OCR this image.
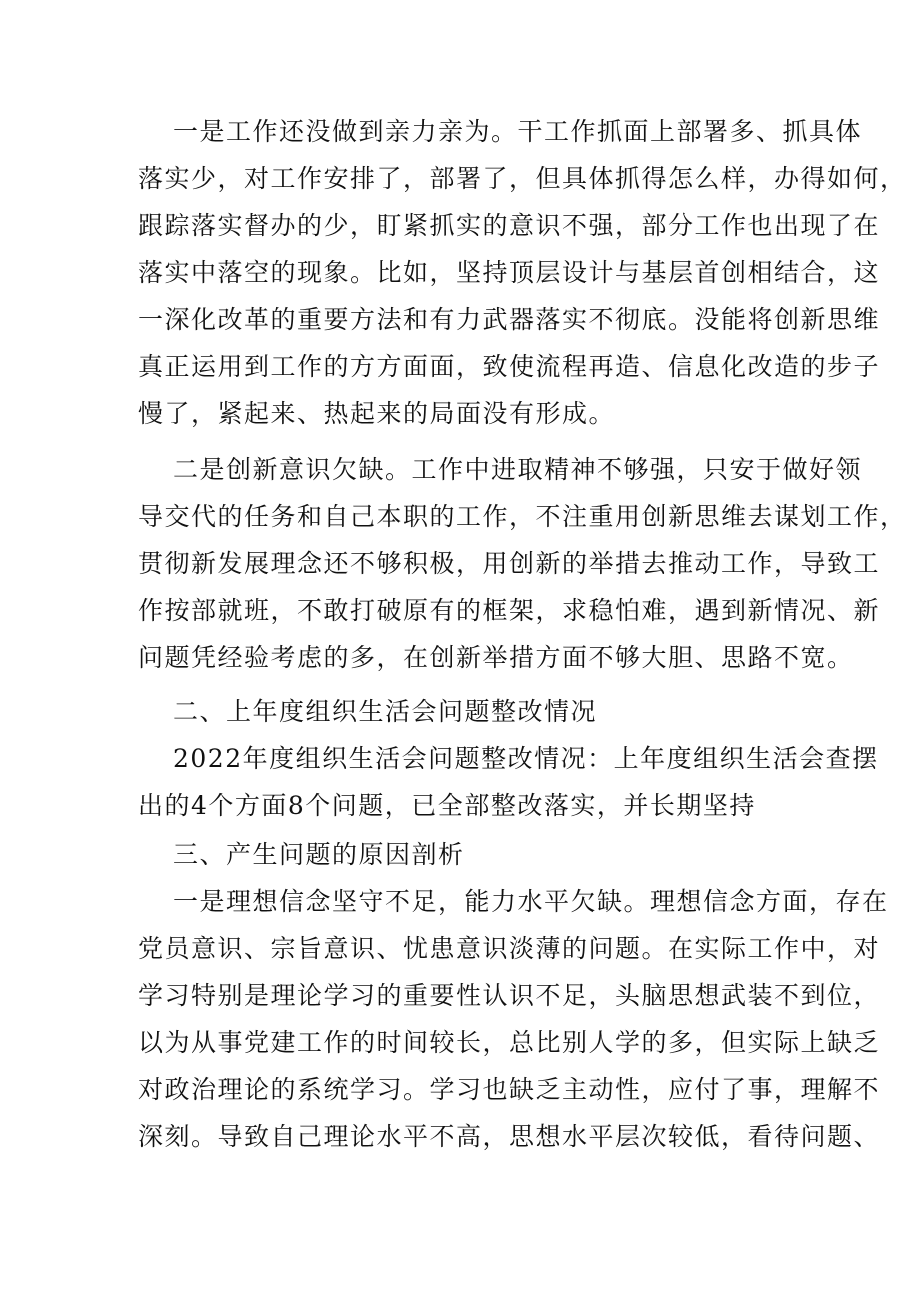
一是工作还没做到亲力亲为。干工作抓面上部署多、抓具体
落实少，对工作安排了，部署了，但具体抓得怎么样，办得如何，
跟踪落实督办的少，盯紧抓实的意识不强，部分工作也出现了在
落实中落空的现象。比如，坚持顶层设计与基层首创相结合，这
一深化改革的重要方法和有力武器落实不彻底。没能将创新思维
真正运用到工作的方方面面，致使流程再造、信息化改造的步子
慢了，紧起来、热起来的局面没有形成。
二是创新意识欠缺。工作中进取精神不够强，只安于做好领
导交代的任务和自己本职的工作，不注重用创新思维去谋划工作，
贯彻新发展理念还不够积极，用创新的举措去推动工作，导致工
作按部就班，不敢打破原有的框架，求稳怕难，遇到新情况、新
问题凭经验考虑的多，在创新举措方面不够大胆、思路不宽。
二、上年度组织生活会问题整改情况
2022年度组织生活会问题整改情况：上年度组织生活会查摆
出的4个方面8个问题，已全部整改落实，并长期坚持
三、产生问题的原因剖析
一是理想信念坚守不足，能力水平欠缺。理想信念方面，存在
党员意识、宗旨意识、忧患意识淡薄的问题。在实际工作中，对
学习特别是理论学习的重要性认识不足，头脑思想武装不到位，
以为从事党建工作的时间较长，总比别人学的多，但实际上缺乏
对政治理论的系统学习。学习也缺乏主动性，应付了事，理解不
深刻。导致自己理论水平不高，思想水平层次较低，看待问题、
